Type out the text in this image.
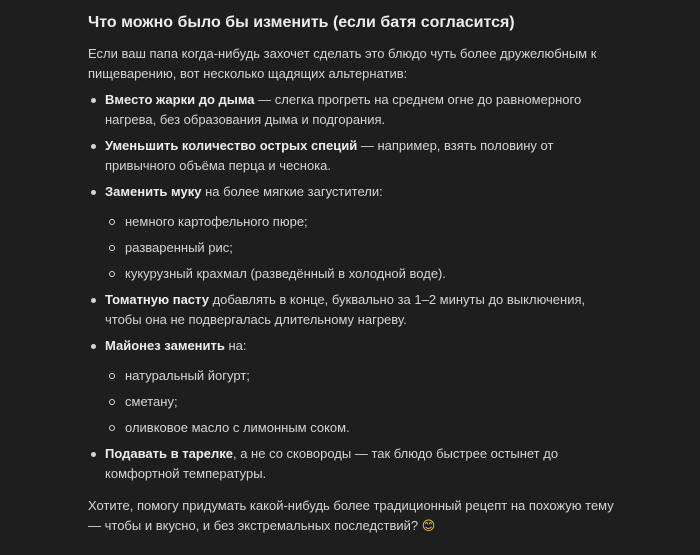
Что можно было бы изменить (если батя согласится)

Если ваш папа когда-нибудь захочет сделать это блюдо чуть более дружелюбным к пищеварению, вот несколько щадящих альтернатив:

Вместо жарки до дыма — слегка прогреть на среднем огне до равномерного нагрева, без образования дыма и подгорания.
Уменьшить количество острых специй — например, взять половину от привычного объёма перца и чеснока.
Заменить муку на более мягкие загустители:
немного картофельного пюре;
разваренный рис;
кукурузный крахмал (разведённый в холодной воде).
Томатную пасту добавлять в конце, буквально за 1–2 минуты до выключения, чтобы она не подвергалась длительному нагреву.
Майонез заменить на:
натуральный йогурт;
сметану;
оливковое масло с лимонным соком.
Подавать в тарелке, а не со сковороды — так блюдо быстрее остынет до комфортной температуры.

Хотите, помогу придумать какой-нибудь более традиционный рецепт на похожую тему — чтобы и вкусно, и без экстремальных последствий? 😊
